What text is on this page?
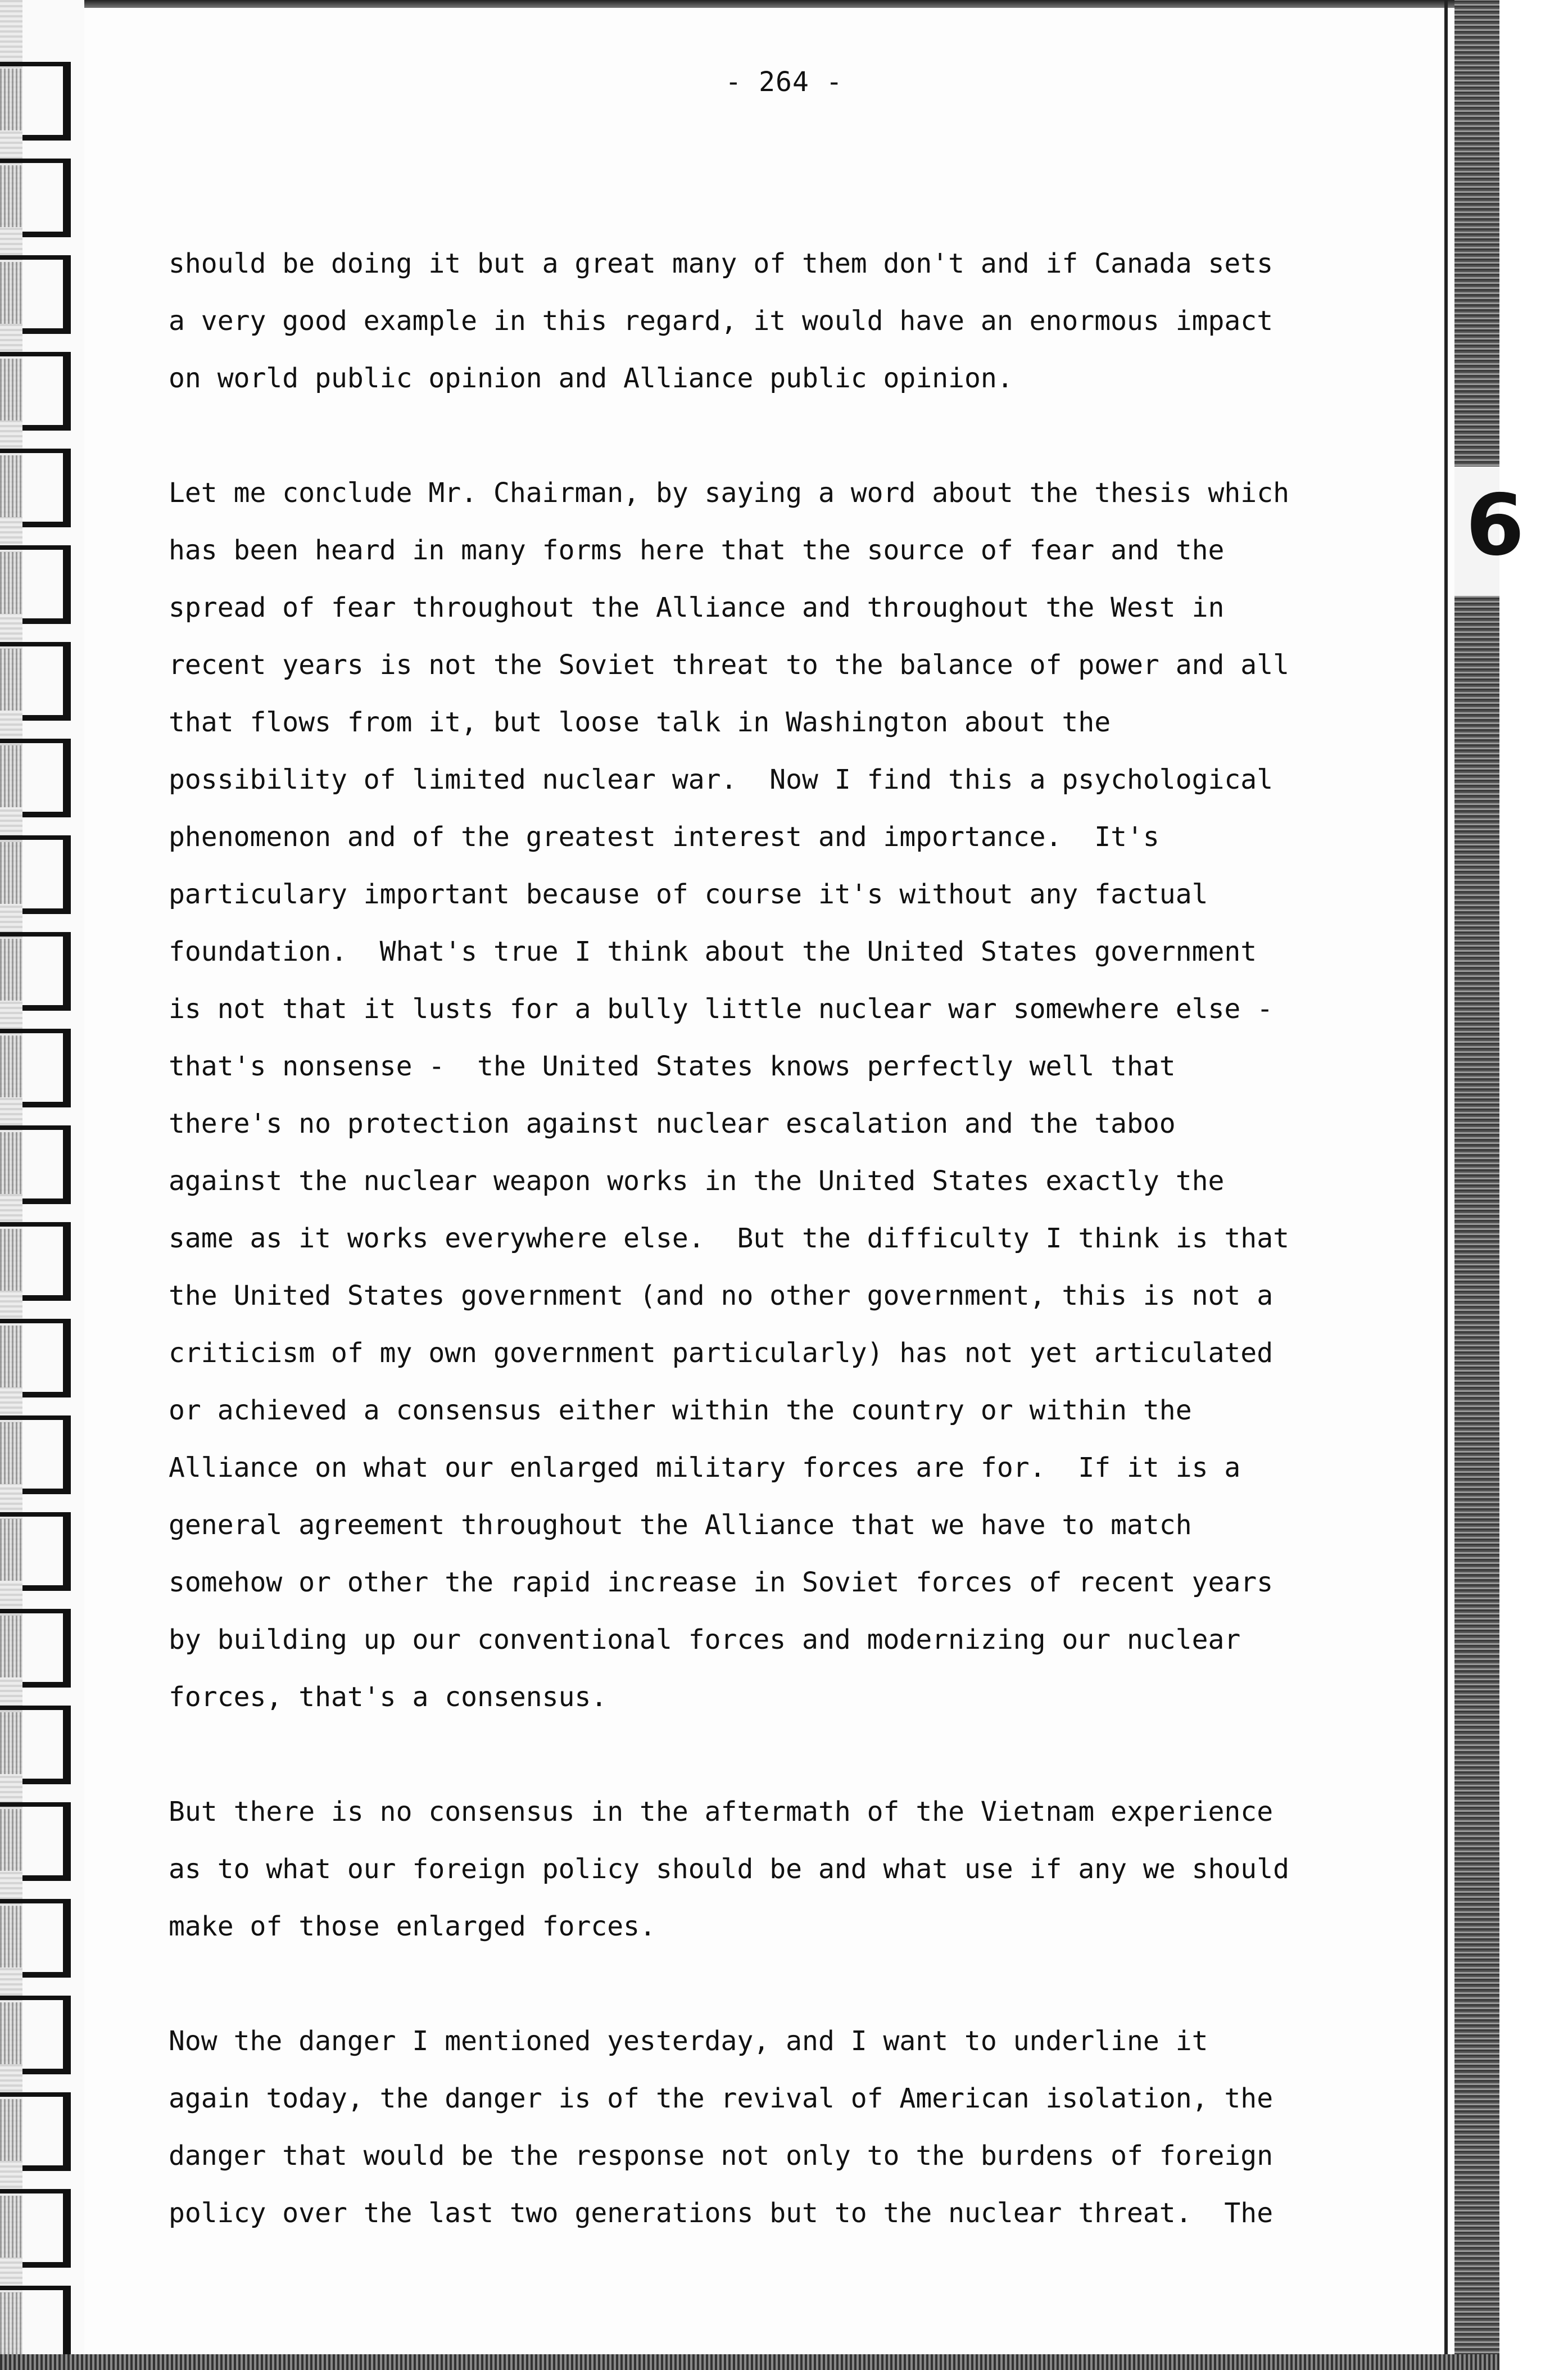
6
- 264 -
should be doing it but a great many of them don't and if Canada sets
a very good example in this regard, it would have an enormous impact
on world public opinion and Alliance public opinion.
Let me conclude Mr. Chairman, by saying a word about the thesis which
has been heard in many forms here that the source of fear and the
spread of fear throughout the Alliance and throughout the West in
recent years is not the Soviet threat to the balance of power and all
that flows from it, but loose talk in Washington about the
possibility of limited nuclear war.  Now I find this a psychological
phenomenon and of the greatest interest and importance.  It's
particulary important because of course it's without any factual
foundation.  What's true I think about the United States government
is not that it lusts for a bully little nuclear war somewhere else -
that's nonsense -  the United States knows perfectly well that
there's no protection against nuclear escalation and the taboo
against the nuclear weapon works in the United States exactly the
same as it works everywhere else.  But the difficulty I think is that
the United States government (and no other government, this is not a
criticism of my own government particularly) has not yet articulated
or achieved a consensus either within the country or within the
Alliance on what our enlarged military forces are for.  If it is a
general agreement throughout the Alliance that we have to match
somehow or other the rapid increase in Soviet forces of recent years
by building up our conventional forces and modernizing our nuclear
forces, that's a consensus.
But there is no consensus in the aftermath of the Vietnam experience
as to what our foreign policy should be and what use if any we should
make of those enlarged forces.
Now the danger I mentioned yesterday, and I want to underline it
again today, the danger is of the revival of American isolation, the
danger that would be the response not only to the burdens of foreign
policy over the last two generations but to the nuclear threat.  The
